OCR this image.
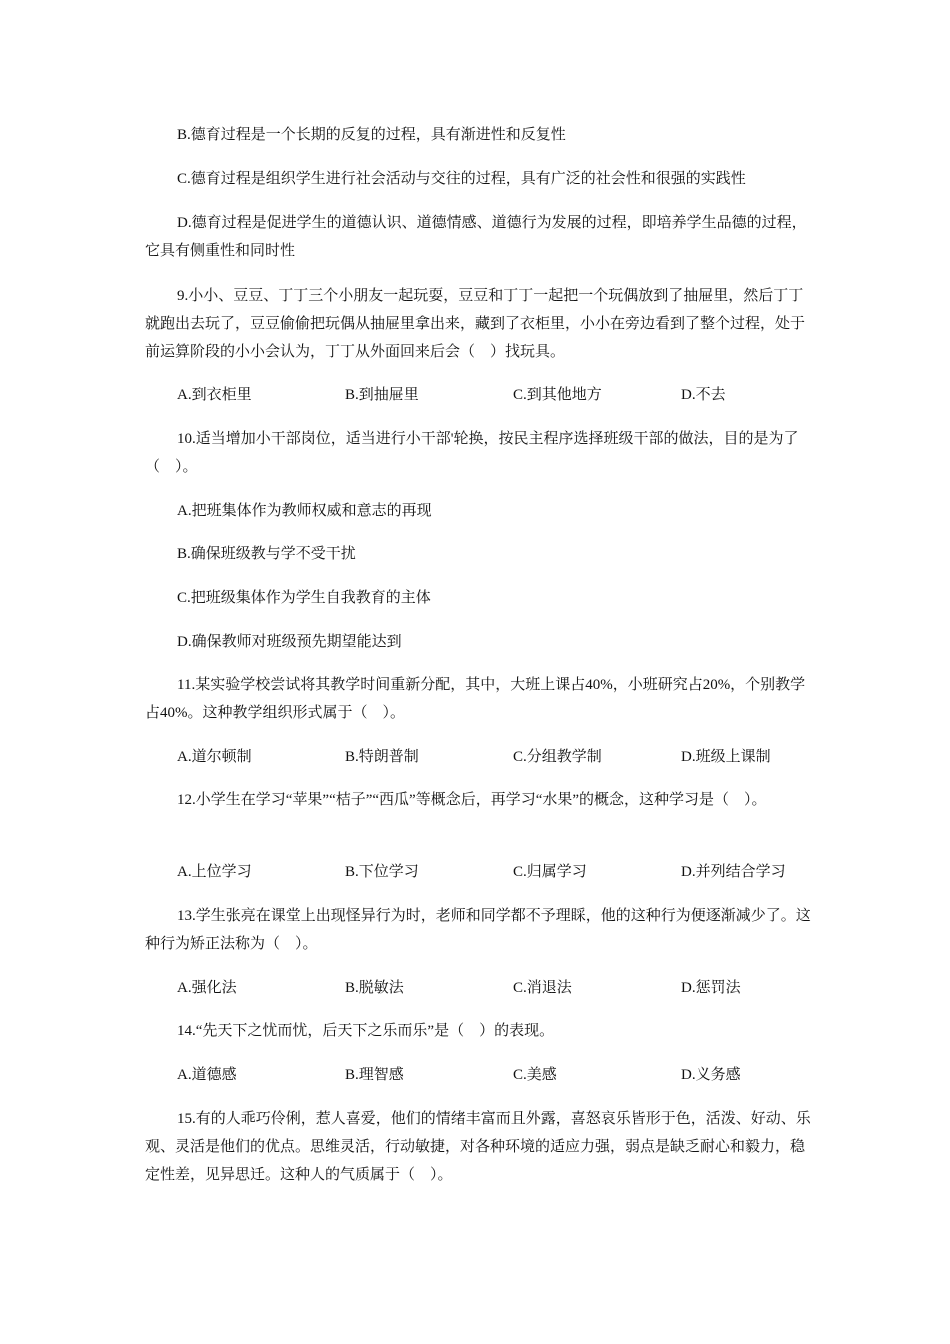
B.德育过程是一个长期的反复的过程，具有渐进性和反复性

C.德育过程是组织学生进行社会活动与交往的过程，具有广泛的社会性和很强的实践性

D.德育过程是促进学生的道德认识、道德情感、道德行为发展的过程，即培养学生品德的过程，它具有侧重性和同时性

9.小小、豆豆、丁丁三个小朋友一起玩耍，豆豆和丁丁一起把一个玩偶放到了抽屉里，然后丁丁就跑出去玩了，豆豆偷偷把玩偶从抽屉里拿出来，藏到了衣柜里，小小在旁边看到了整个过程，处于前运算阶段的小小会认为，丁丁从外面回来后会（　）找玩具。

A.到衣柜里	B.到抽屉里	C.到其他地方	D.不去

10.适当增加小干部岗位，适当进行小干部'轮换，按民主程序选择班级干部的做法，目的是为了（　）。

A.把班集体作为教师权威和意志的再现

B.确保班级教与学不受干扰

C.把班级集体作为学生自我教育的主体

D.确保教师对班级预先期望能达到

11.某实验学校尝试将其教学时间重新分配，其中，大班上课占40%，小班研究占20%，个别教学占40%。这种教学组织形式属于（　）。

A.道尔顿制	B.特朗普制	C.分组教学制	D.班级上课制

12.小学生在学习“苹果”“桔子”“西瓜”等概念后，再学习“水果”的概念，这种学习是（　）。

A.上位学习	B.下位学习	C.归属学习	D.并列结合学习

13.学生张亮在课堂上出现怪异行为时，老师和同学都不予理睬，他的这种行为便逐渐减少了。这种行为矫正法称为（　）。

A.强化法	B.脱敏法	C.消退法	D.惩罚法

14.“先天下之忧而忧，后天下之乐而乐”是（　）的表现。

A.道德感	B.理智感	C.美感	D.义务感

15.有的人乖巧伶俐，惹人喜爱，他们的情绪丰富而且外露，喜怒哀乐皆形于色，活泼、好动、乐观、灵活是他们的优点。思维灵活，行动敏捷，对各种环境的适应力强，弱点是缺乏耐心和毅力，稳定性差，见异思迁。这种人的气质属于（　）。
